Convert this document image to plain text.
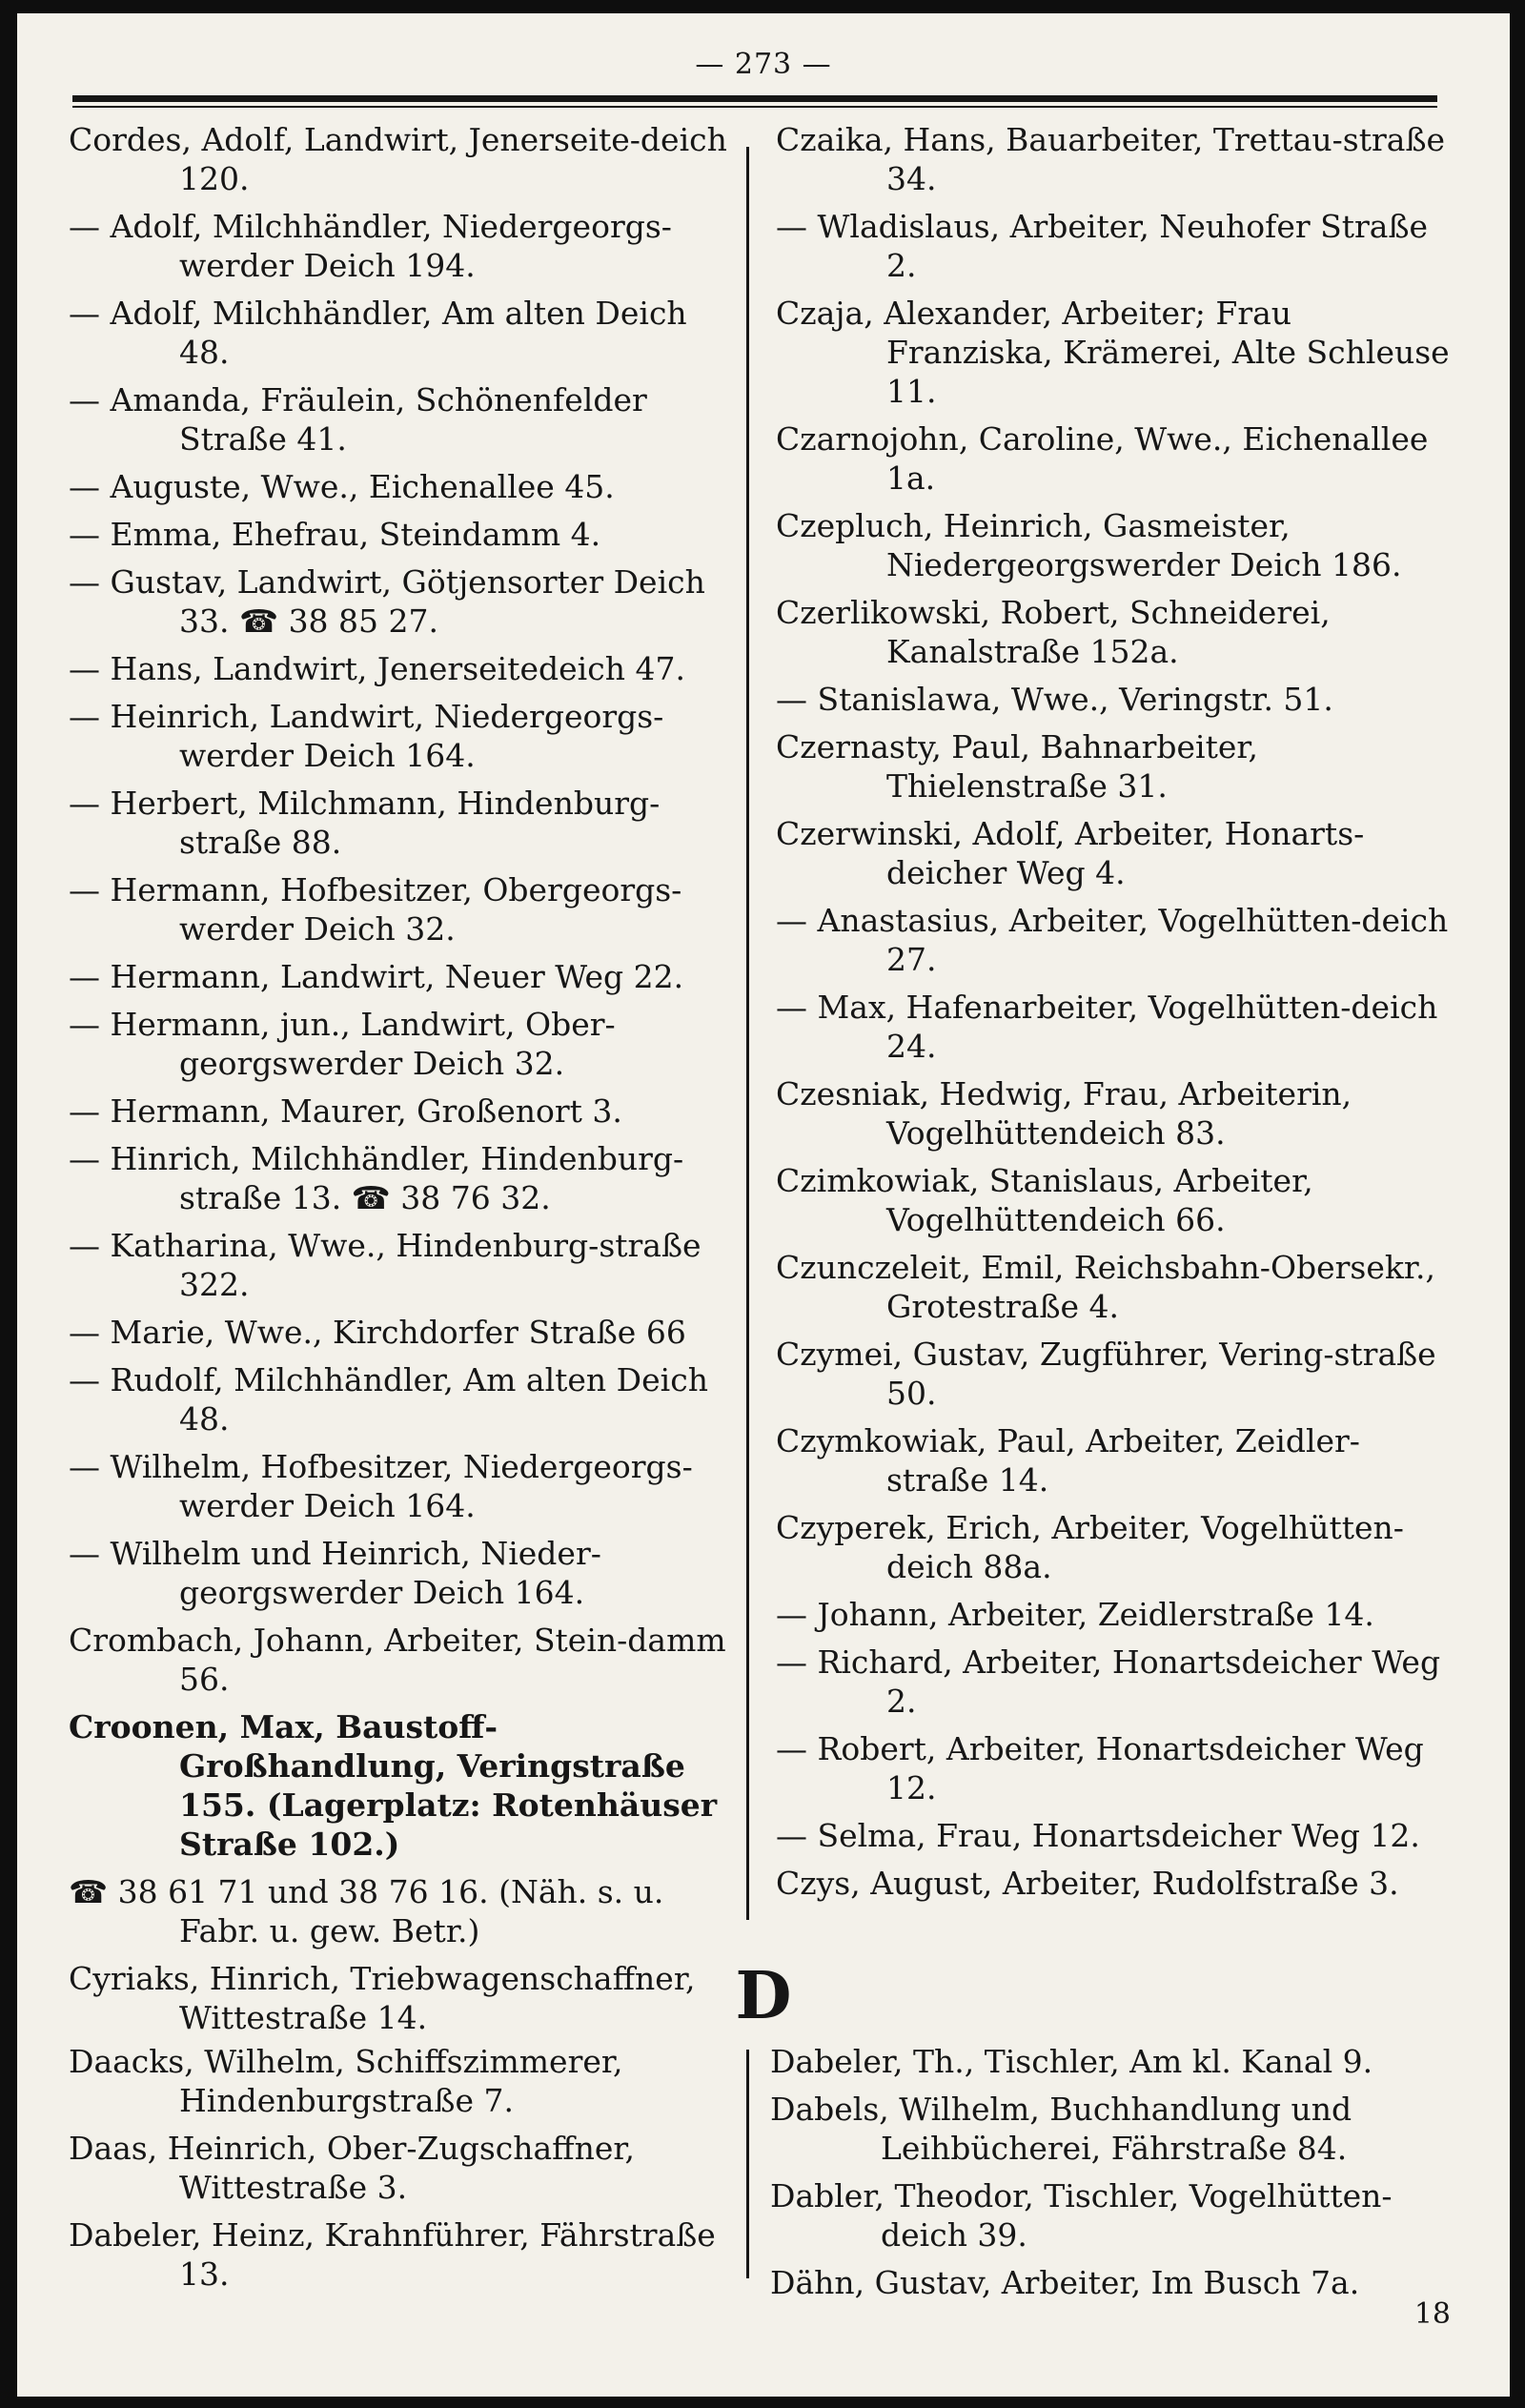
— 273 —
Cordes, Adolf, Landwirt, Jenerseite-deich 120.
— Adolf, Milchhändler, Niedergeorgs-werder Deich 194.
— Adolf, Milchhändler, Am alten Deich 48.
— Amanda, Fräulein, Schönenfelder Straße 41.
— Auguste, Wwe., Eichenallee 45.
— Emma, Ehefrau, Steindamm 4.
— Gustav, Landwirt, Götjensorter Deich 33. ☎ 38 85 27.
— Hans, Landwirt, Jenerseitedeich 47.
— Heinrich, Landwirt, Niedergeorgs-werder Deich 164.
— Herbert, Milchmann, Hindenburg-straße 88.
— Hermann, Hofbesitzer, Obergeorgs-werder Deich 32.
— Hermann, Landwirt, Neuer Weg 22.
— Hermann, jun., Landwirt, Ober-georgswerder Deich 32.
— Hermann, Maurer, Großenort 3.
— Hinrich, Milchhändler, Hindenburg-straße 13. ☎ 38 76 32.
— Katharina, Wwe., Hindenburg-straße 322.
— Marie, Wwe., Kirchdorfer Straße 66
— Rudolf, Milchhändler, Am alten Deich 48.
— Wilhelm, Hofbesitzer, Niedergeorgs-werder Deich 164.
— Wilhelm und Heinrich, Nieder-georgswerder Deich 164.
Crombach, Johann, Arbeiter, Stein-damm 56.
Croonen, Max, Baustoff-Großhandlung, Veringstraße 155. (Lagerplatz: Rotenhäuser Straße 102.)
☎ 38 61 71 und 38 76 16. (Näh. s. u. Fabr. u. gew. Betr.)
Cyriaks, Hinrich, Triebwagenschaffner, Wittestraße 14.
Czaika, Hans, Bauarbeiter, Trettau-straße 34.
— Wladislaus, Arbeiter, Neuhofer Straße 2.
Czaja, Alexander, Arbeiter; Frau Franziska, Krämerei, Alte Schleuse 11.
Czarnojohn, Caroline, Wwe., Eichenallee 1a.
Czepluch, Heinrich, Gasmeister, Niedergeorgswerder Deich 186.
Czerlikowski, Robert, Schneiderei, Kanalstraße 152a.
— Stanislawa, Wwe., Veringstr. 51.
Czernasty, Paul, Bahnarbeiter, Thielenstraße 31.
Czerwinski, Adolf, Arbeiter, Honarts-deicher Weg 4.
— Anastasius, Arbeiter, Vogelhütten-deich 27.
— Max, Hafenarbeiter, Vogelhütten-deich 24.
Czesniak, Hedwig, Frau, Arbeiterin, Vogelhüttendeich 83.
Czimkowiak, Stanislaus, Arbeiter, Vogelhüttendeich 66.
Czunczeleit, Emil, Reichsbahn-Obersekr., Grotestraße 4.
Czymei, Gustav, Zugführer, Vering-straße 50.
Czymkowiak, Paul, Arbeiter, Zeidler-straße 14.
Czyperek, Erich, Arbeiter, Vogelhütten-deich 88a.
— Johann, Arbeiter, Zeidlerstraße 14.
— Richard, Arbeiter, Honartsdeicher Weg 2.
— Robert, Arbeiter, Honartsdeicher Weg 12.
— Selma, Frau, Honartsdeicher Weg 12.
Czys, August, Arbeiter, Rudolfstraße 3.
D
Daacks, Wilhelm, Schiffszimmerer, Hindenburgstraße 7.
Daas, Heinrich, Ober-Zugschaffner, Wittestraße 3.
Dabeler, Heinz, Krahnführer, Fährstraße 13.
Dabeler, Th., Tischler, Am kl. Kanal 9.
Dabels, Wilhelm, Buchhandlung und Leihbücherei, Fährstraße 84.
Dabler, Theodor, Tischler, Vogelhütten-deich 39.
Dähn, Gustav, Arbeiter, Im Busch 7a.
18
